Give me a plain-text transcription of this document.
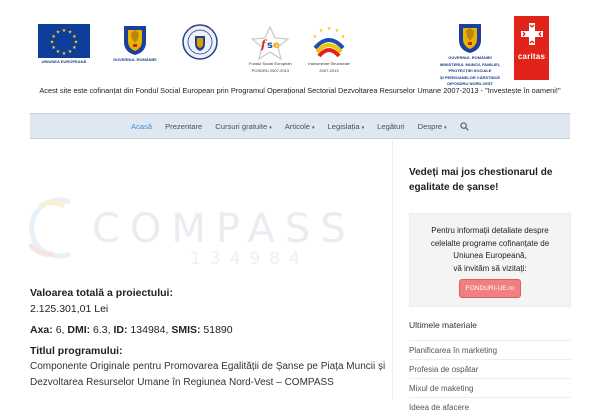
★ ★
★
★
★
★
★
★
★
★
★
★
UNIUNEA EUROPEANĂ	GUVERNUL ROMÂNIEI
f s e
Fondul Social European
POSDRU 2007-2013
★ ★
★
★
★
Instrumente Structurale
2007-2013
GUVERNUL ROMÂNIEI
MINISTERUL MUNCII, FAMILIEI,
PROTECȚIEI SOCIALE
ȘI PERSOANELOR VÂRSTNICE
OIPOSDRU NORD-VEST
caritas
Acest site este cofinanțat din Fondul Social European prin Programul Operațional Sectorial Dezvoltarea Resurselor Umane 2007-2013 - "Investește în oameni!"
Acasă Prezentare Cursuri gratuite ▾ Articole ▾ Legislația ▾ Legături Despre ▾
COMPASS
134984
Valoarea totală a proiectului:
2.125.301,01 Lei
Axa: 6, DMI: 6.3, ID: 134984, SMIS: 51890
Titlul programului:
Componente Originale pentru Promovarea Egalității de Șanse pe Piața Muncii și
Dezvoltarea Resurselor Umane în Regiunea Nord-Vest – COMPASS
Vedeți mai jos chestionarul de
egalitate de șanse!
Pentru informații detaliate despre
celelalte programe cofinanțate de
Uniunea Europeană,
vă invităm să vizitați:
FONDURI-UE.ro
Ultimele materiale
Planificarea în marketing
Profesia de ospătar
Mixul de maketing
Ideea de afacere
